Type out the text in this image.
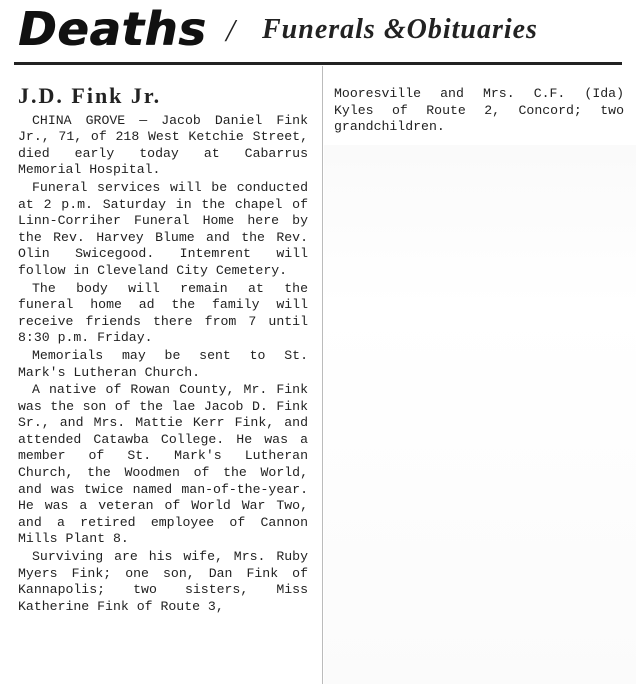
Deaths / Funerals &Obituaries
J.D. Fink Jr.

CHINA GROVE — Jacob Daniel Fink Jr., 71, of 218 West Ketchie Street, died early today at Cabarrus Memorial Hospital.

Funeral services will be conducted at 2 p.m. Saturday in the chapel of Linn-Corriher Funeral Home here by the Rev. Harvey Blume and the Rev. Olin Swicegood. Intemrent will follow in Cleveland City Cemetery.

The body will remain at the funeral home ad the family will receive friends there from 7 until 8:30 p.m. Friday.

Memorials may be sent to St. Mark's Lutheran Church.

A native of Rowan County, Mr. Fink was the son of the lae Jacob D. Fink Sr., and Mrs. Mattie Kerr Fink, and attended Catawba College. He was a member of St. Mark's Lutheran Church, the Woodmen of the World, and was twice named man-of-the-year. He was a veteran of World War Two, and a retired employee of Cannon Mills Plant 8.

Surviving are his wife, Mrs. Ruby Myers Fink; one son, Dan Fink of Kannapolis; two sisters, Miss Katherine Fink of Route 3,

Mooresville and Mrs. C.F. (Ida) Kyles of Route 2, Concord; two grandchildren.
